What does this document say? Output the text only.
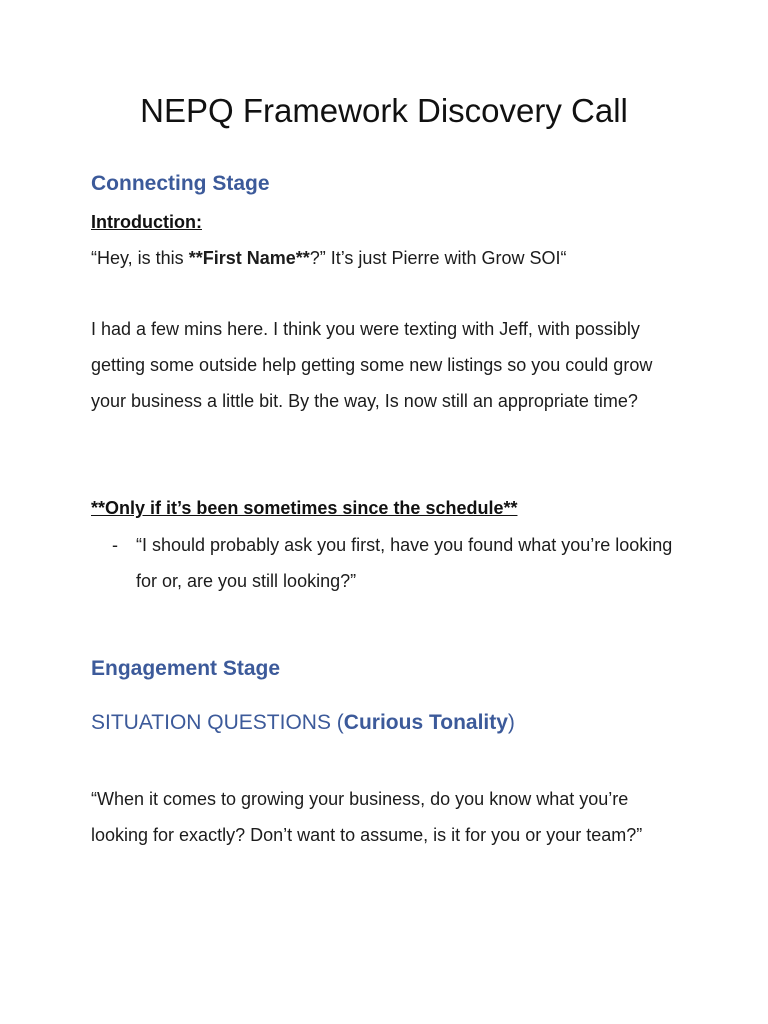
NEPQ Framework Discovery Call
Connecting Stage
Introduction:

“Hey, is this **First Name**?” It’s just Pierre with Grow SOI“

I had a few mins here. I think you were texting with Jeff, with possibly getting some outside help getting some new listings so you could grow your business a little bit. By the way, Is now still an appropriate time?

**Only if it’s been sometimes since the schedule**

- “I should probably ask you first, have you found what you’re looking for or, are you still looking?”

Engagement Stage
SITUATION QUESTIONS (Curious Tonality)

“When it comes to growing your business, do you know what you’re looking for exactly? Don’t want to assume, is it for you or your team?”
